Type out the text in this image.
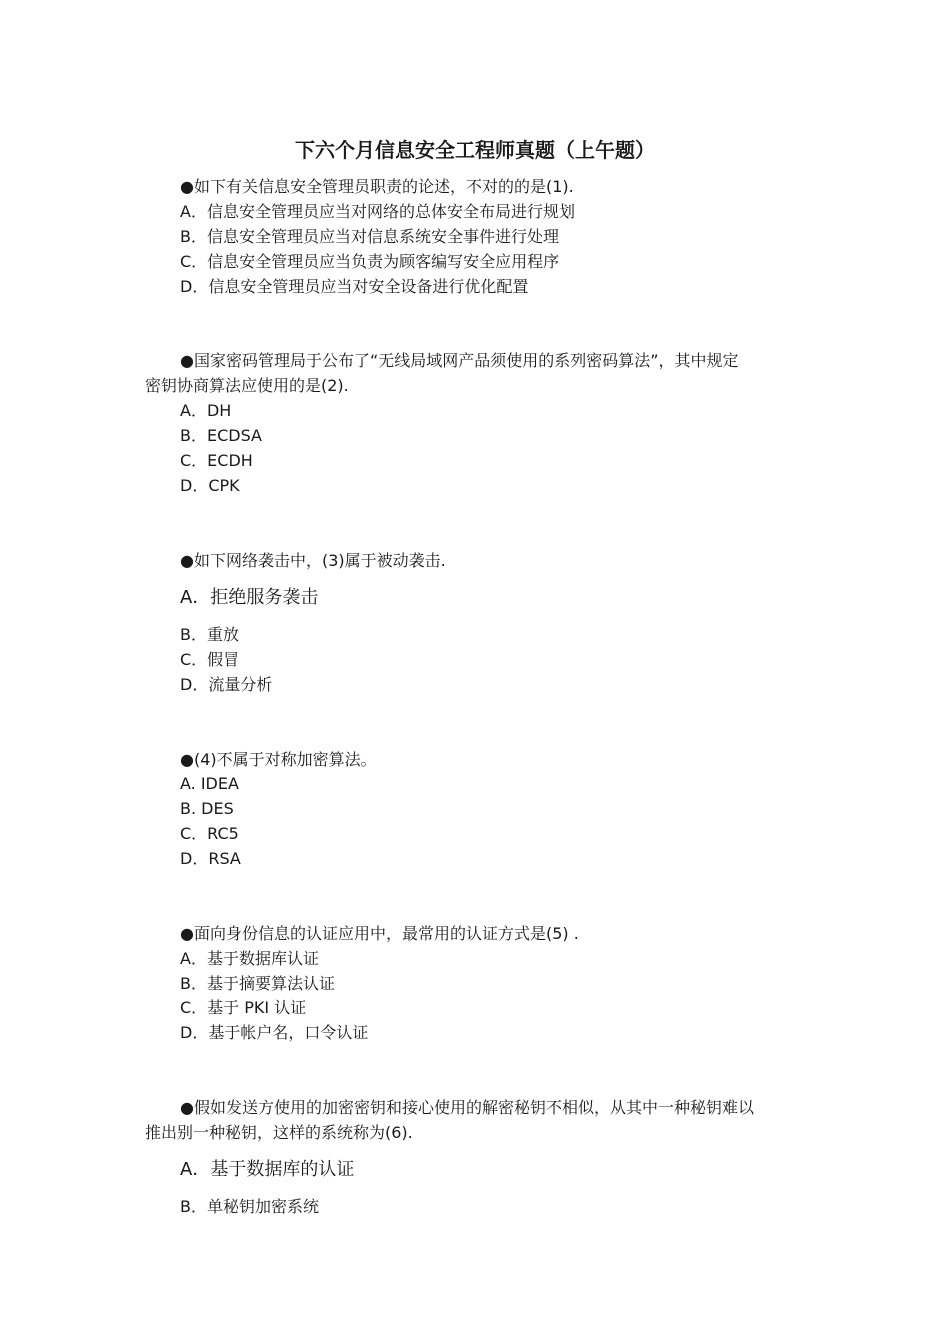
下六个月信息安全工程师真题（上午题）
●如下有关信息安全管理员职责的论述，不对的的是(1).
A．信息安全管理员应当对网络的总体安全布局进行规划
B．信息安全管理员应当对信息系统安全事件进行处理
C．信息安全管理员应当负责为顾客编写安全应用程序
D．信息安全管理员应当对安全设备进行优化配置
●国家密码管理局于公布了“无线局域网产品须使用的系列密码算法”，其中规定
密钥协商算法应使用的是(2).
A．DH
B．ECDSA
C．ECDH
D．CPK
●如下网络袭击中，(3)属于被动袭击.
A．拒绝服务袭击
B．重放
C．假冒
D．流量分析
●(4)不属于对称加密算法。
A. IDEA
B. DES
C．RC5
D．RSA
●面向身份信息的认证应用中，最常用的认证方式是(5) .
A．基于数据库认证
B．基于摘要算法认证
C．基于 PKI 认证
D．基于帐户名，口令认证
●假如发送方使用的加密密钥和接心使用的解密秘钥不相似，从其中一种秘钥难以
推出别一种秘钥，这样的系统称为(6).
A．基于数据库的认证
B．单秘钥加密系统
